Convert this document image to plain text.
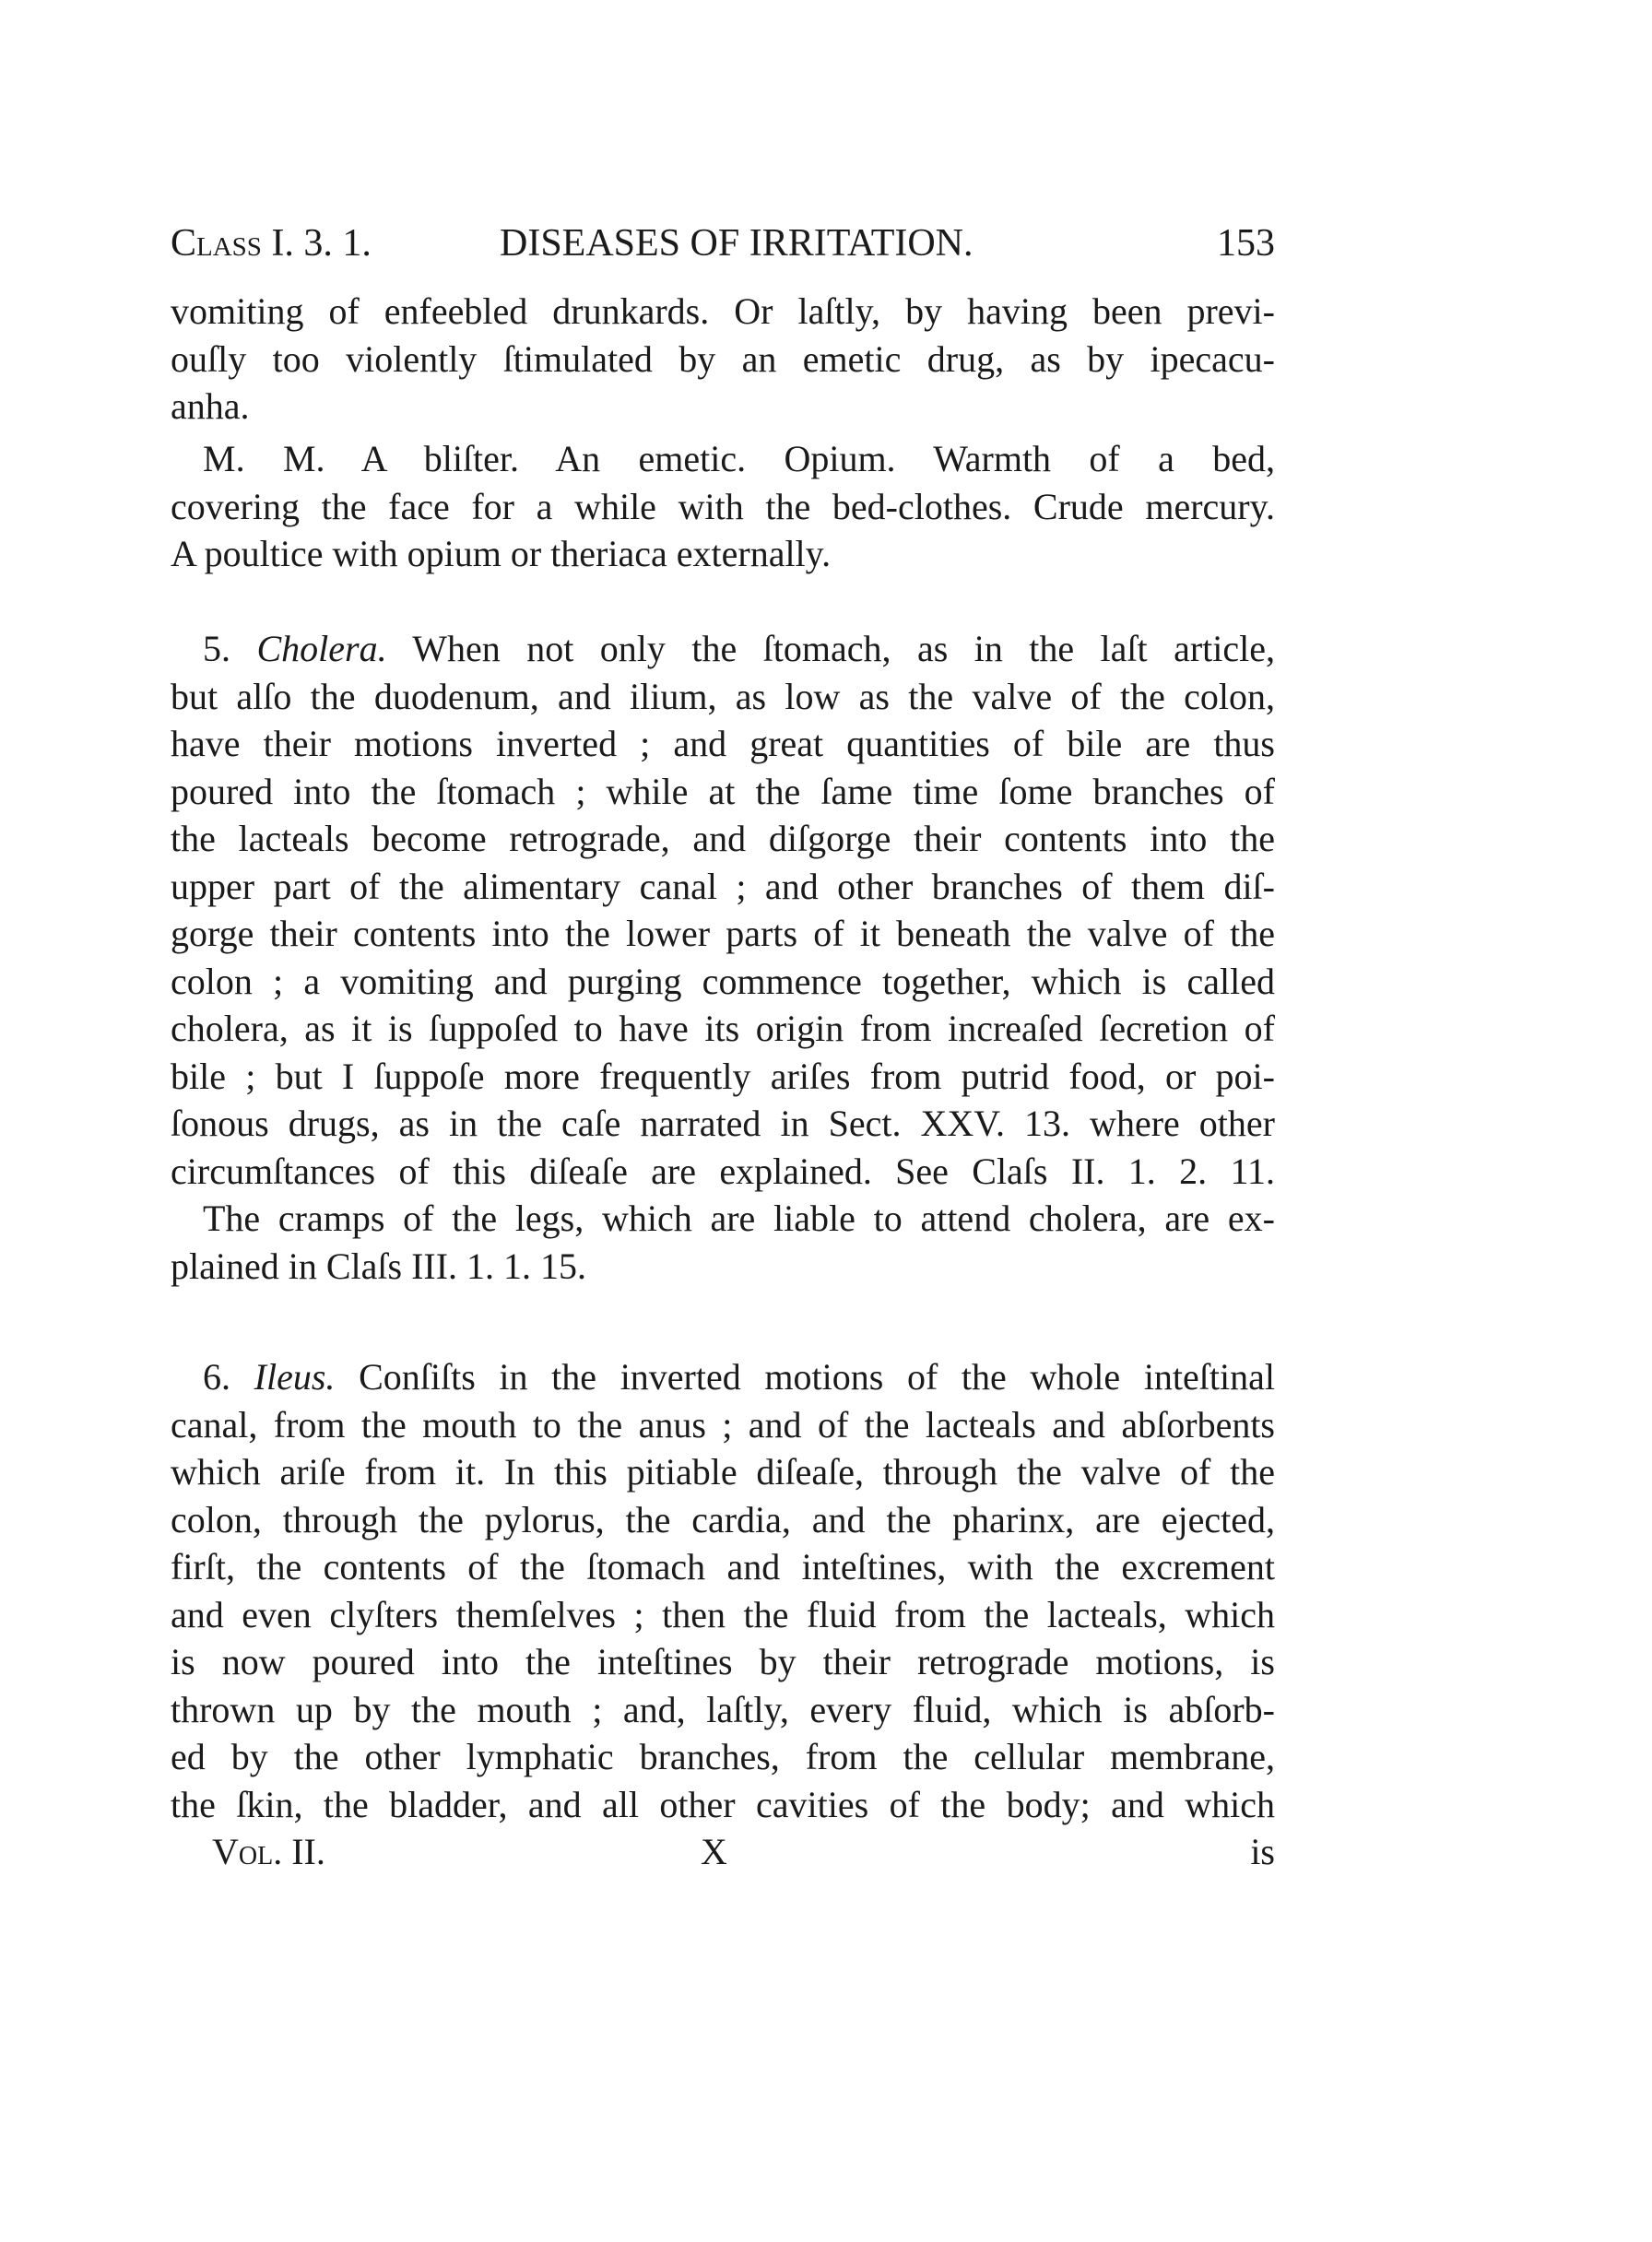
Class I. 3. 1.	DISEASES OF IRRITATION.	153
vomiting of enfeebled drunkards. Or laſtly, by having been previ-
ouſly too violently ſtimulated by an emetic drug, as by ipecacu-
anha.
M. M. A bliſter. An emetic. Opium. Warmth of a bed,
covering the face for a while with the bed-clothes. Crude mercury.
A poultice with opium or theriaca externally.
5. Cholera. When not only the ſtomach, as in the laſt article,
but alſo the duodenum, and ilium, as low as the valve of the colon,
have their motions inverted ; and great quantities of bile are thus
poured into the ſtomach ; while at the ſame time ſome branches of
the lacteals become retrograde, and diſgorge their contents into the
upper part of the alimentary canal ; and other branches of them diſ-
gorge their contents into the lower parts of it beneath the valve of the
colon ; a vomiting and purging commence together, which is called
cholera, as it is ſuppoſed to have its origin from increaſed ſecretion of
bile ; but I ſuppoſe more frequently ariſes from putrid food, or poi-
ſonous drugs, as in the caſe narrated in Sect. XXV. 13. where other
circumſtances of this diſeaſe are explained. See Claſs II. 1. 2. 11.
The cramps of the legs, which are liable to attend cholera, are ex-
plained in Claſs III. 1. 1. 15.
6. Ileus. Conſiſts in the inverted motions of the whole inteſtinal
canal, from the mouth to the anus ; and of the lacteals and abſorbents
which ariſe from it. In this pitiable diſeaſe, through the valve of the
colon, through the pylorus, the cardia, and the pharinx, are ejected,
firſt, the contents of the ſtomach and inteſtines, with the excrement
and even clyſters themſelves ; then the fluid from the lacteals, which
is now poured into the inteſtines by their retrograde motions, is
thrown up by the mouth ; and, laſtly, every fluid, which is abſorb-
ed by the other lymphatic branches, from the cellular membrane,
the ſkin, the bladder, and all other cavities of the body; and which
Vol. II.	X	is
